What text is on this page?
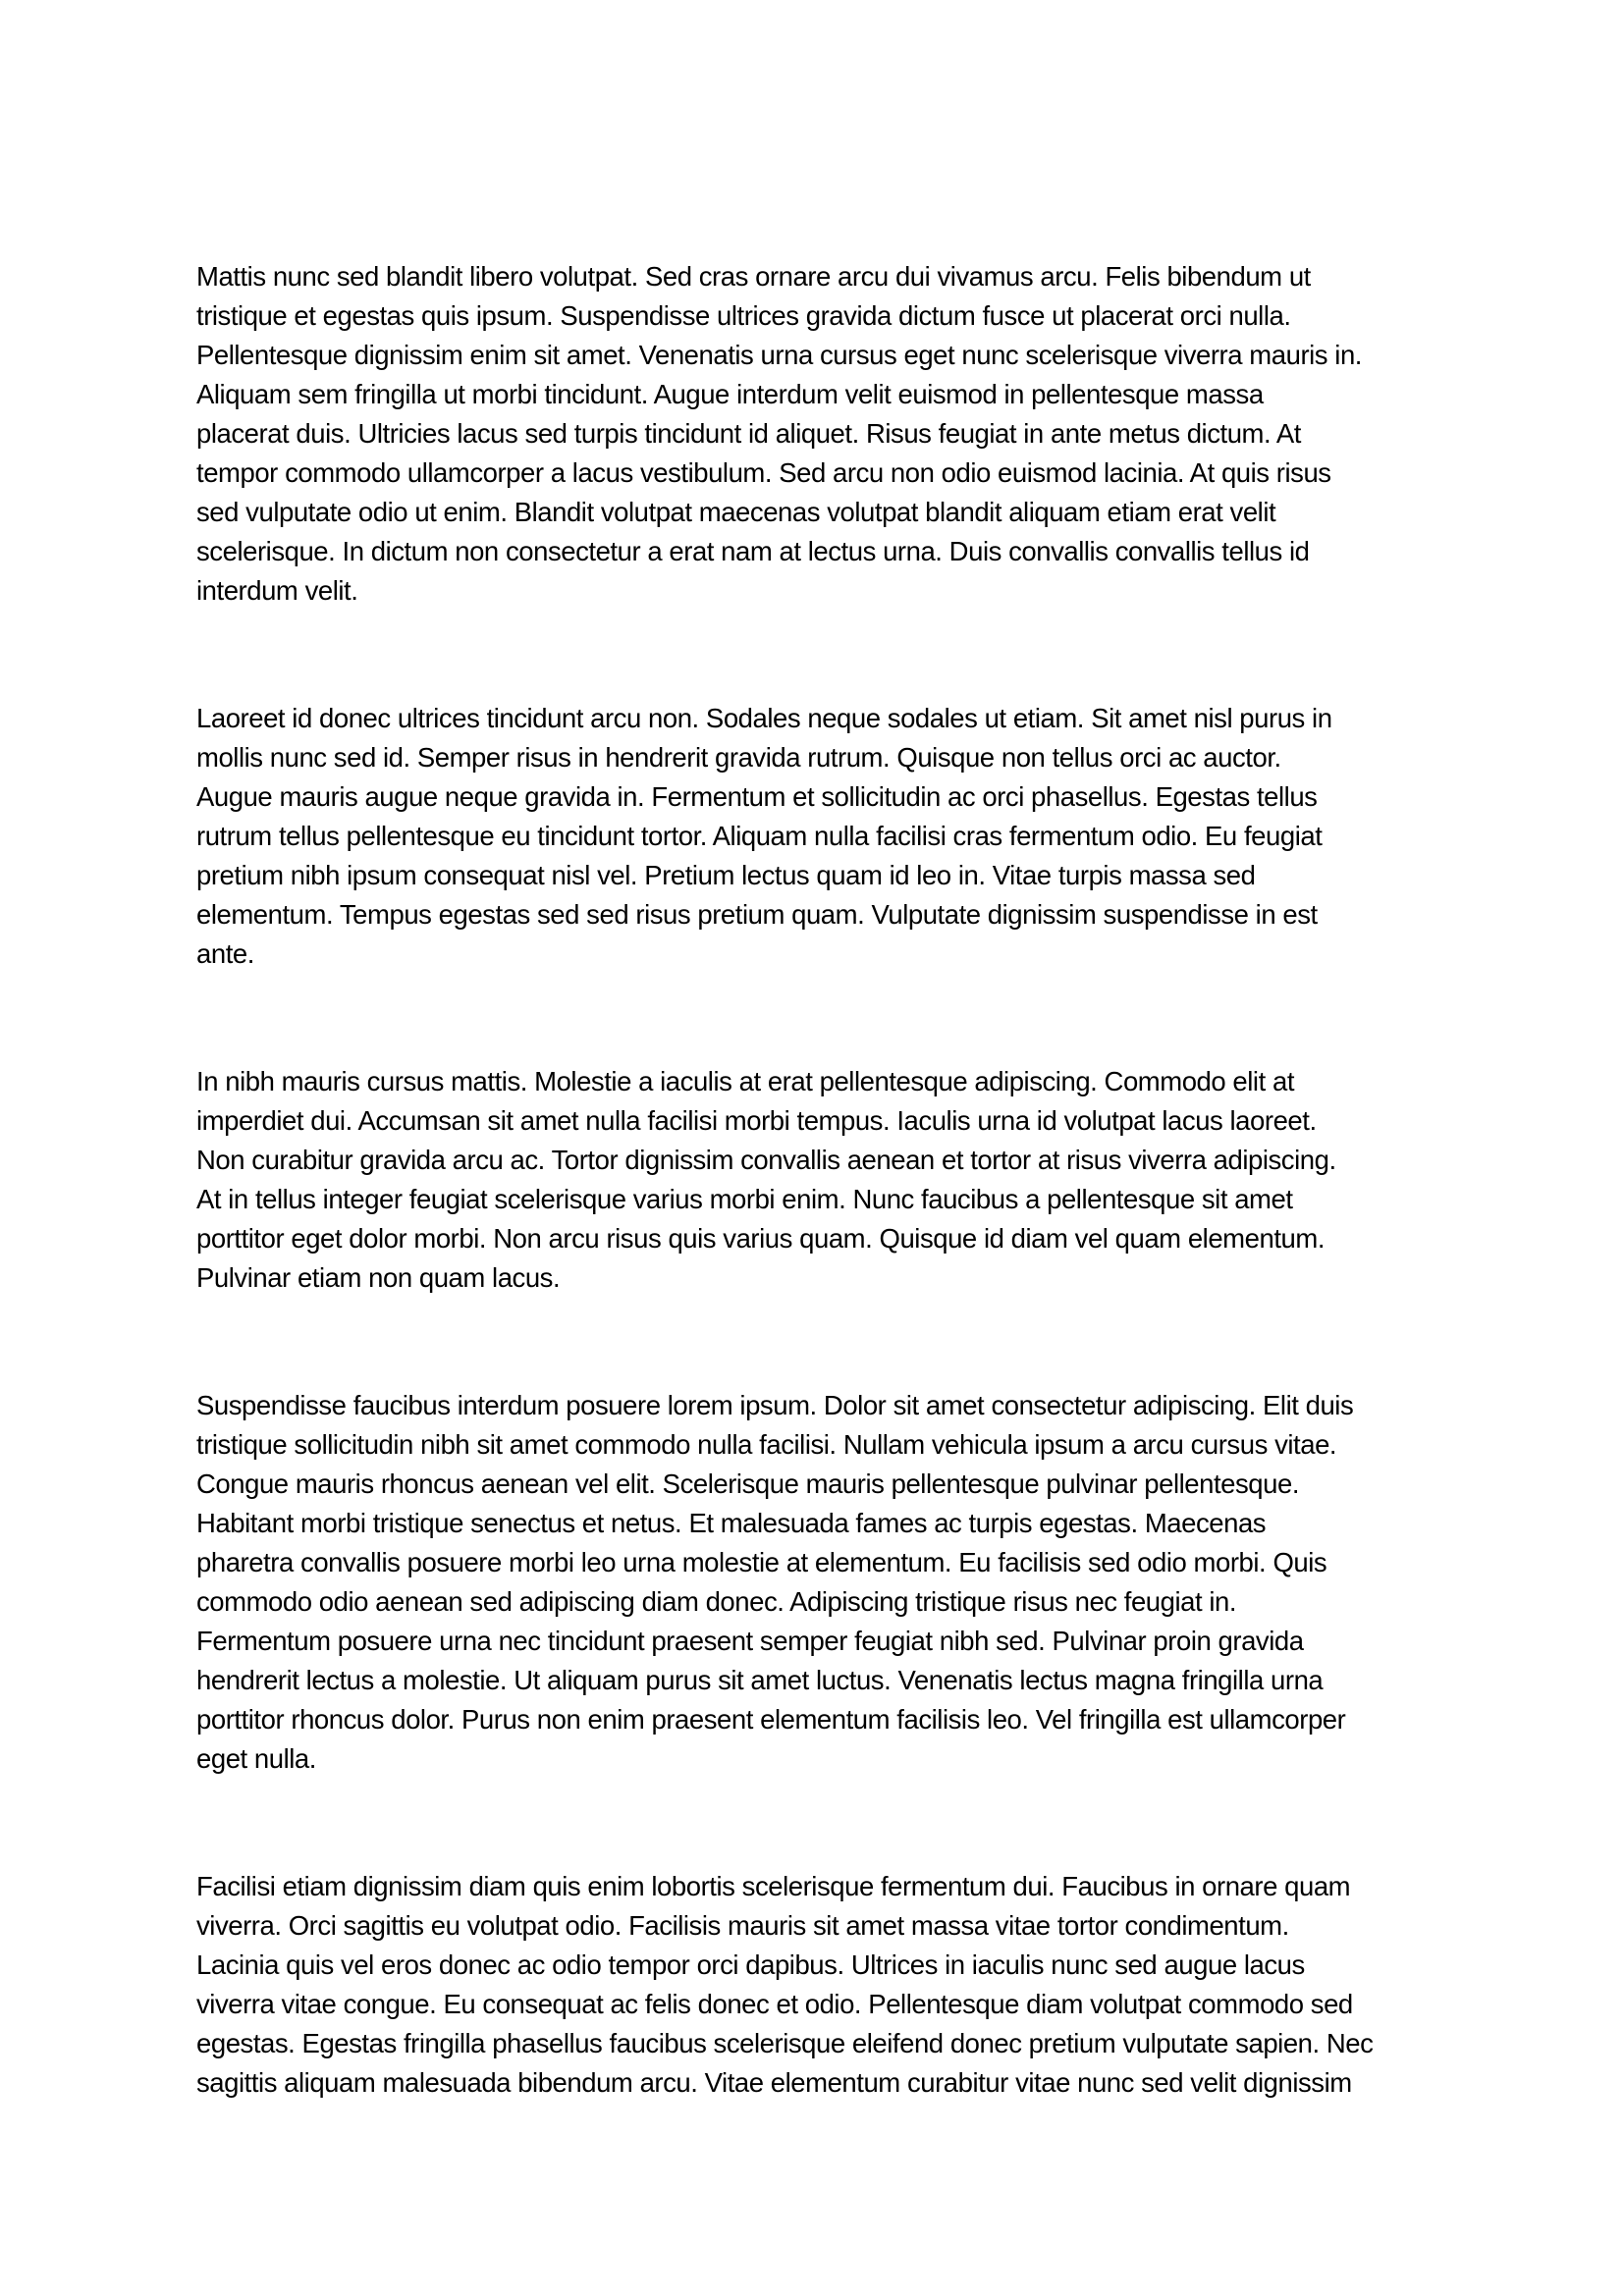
Mattis nunc sed blandit libero volutpat. Sed cras ornare arcu dui vivamus arcu. Felis bibendum ut
tristique et egestas quis ipsum. Suspendisse ultrices gravida dictum fusce ut placerat orci nulla.
Pellentesque dignissim enim sit amet. Venenatis urna cursus eget nunc scelerisque viverra mauris in.
Aliquam sem fringilla ut morbi tincidunt. Augue interdum velit euismod in pellentesque massa
placerat duis. Ultricies lacus sed turpis tincidunt id aliquet. Risus feugiat in ante metus dictum. At
tempor commodo ullamcorper a lacus vestibulum. Sed arcu non odio euismod lacinia. At quis risus
sed vulputate odio ut enim. Blandit volutpat maecenas volutpat blandit aliquam etiam erat velit
scelerisque. In dictum non consectetur a erat nam at lectus urna. Duis convallis convallis tellus id
interdum velit.

Laoreet id donec ultrices tincidunt arcu non. Sodales neque sodales ut etiam. Sit amet nisl purus in
mollis nunc sed id. Semper risus in hendrerit gravida rutrum. Quisque non tellus orci ac auctor.
Augue mauris augue neque gravida in. Fermentum et sollicitudin ac orci phasellus. Egestas tellus
rutrum tellus pellentesque eu tincidunt tortor. Aliquam nulla facilisi cras fermentum odio. Eu feugiat
pretium nibh ipsum consequat nisl vel. Pretium lectus quam id leo in. Vitae turpis massa sed
elementum. Tempus egestas sed sed risus pretium quam. Vulputate dignissim suspendisse in est
ante.

In nibh mauris cursus mattis. Molestie a iaculis at erat pellentesque adipiscing. Commodo elit at
imperdiet dui. Accumsan sit amet nulla facilisi morbi tempus. Iaculis urna id volutpat lacus laoreet.
Non curabitur gravida arcu ac. Tortor dignissim convallis aenean et tortor at risus viverra adipiscing.
At in tellus integer feugiat scelerisque varius morbi enim. Nunc faucibus a pellentesque sit amet
porttitor eget dolor morbi. Non arcu risus quis varius quam. Quisque id diam vel quam elementum.
Pulvinar etiam non quam lacus.

Suspendisse faucibus interdum posuere lorem ipsum. Dolor sit amet consectetur adipiscing. Elit duis
tristique sollicitudin nibh sit amet commodo nulla facilisi. Nullam vehicula ipsum a arcu cursus vitae.
Congue mauris rhoncus aenean vel elit. Scelerisque mauris pellentesque pulvinar pellentesque.
Habitant morbi tristique senectus et netus. Et malesuada fames ac turpis egestas. Maecenas
pharetra convallis posuere morbi leo urna molestie at elementum. Eu facilisis sed odio morbi. Quis
commodo odio aenean sed adipiscing diam donec. Adipiscing tristique risus nec feugiat in.
Fermentum posuere urna nec tincidunt praesent semper feugiat nibh sed. Pulvinar proin gravida
hendrerit lectus a molestie. Ut aliquam purus sit amet luctus. Venenatis lectus magna fringilla urna
porttitor rhoncus dolor. Purus non enim praesent elementum facilisis leo. Vel fringilla est ullamcorper
eget nulla.

Facilisi etiam dignissim diam quis enim lobortis scelerisque fermentum dui. Faucibus in ornare quam
viverra. Orci sagittis eu volutpat odio. Facilisis mauris sit amet massa vitae tortor condimentum.
Lacinia quis vel eros donec ac odio tempor orci dapibus. Ultrices in iaculis nunc sed augue lacus
viverra vitae congue. Eu consequat ac felis donec et odio. Pellentesque diam volutpat commodo sed
egestas. Egestas fringilla phasellus faucibus scelerisque eleifend donec pretium vulputate sapien. Nec
sagittis aliquam malesuada bibendum arcu. Vitae elementum curabitur vitae nunc sed velit dignissim
